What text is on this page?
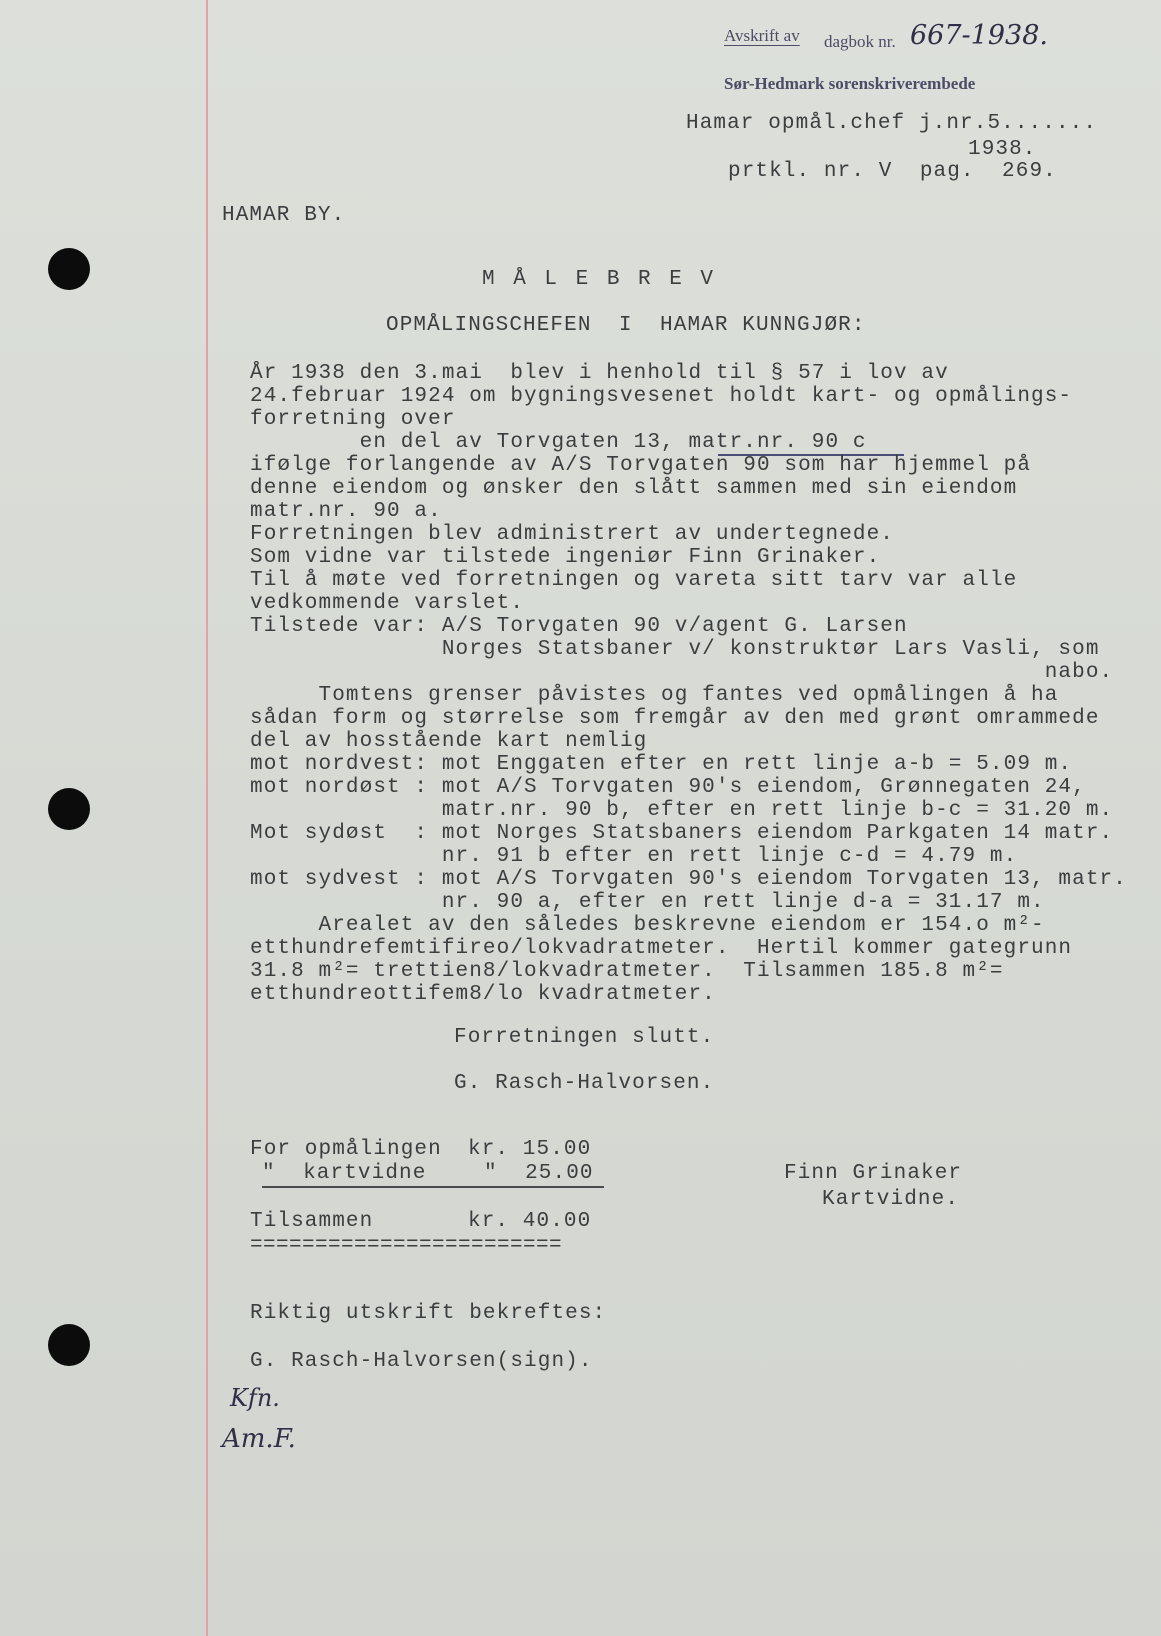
Avskrift av dagbok nr. 667-1938.
Sør-Hedmark sorenskriverembede
Hamar opmål.chef j.nr.5.......
1938.
prtkl. nr. V  pag.  269.
HAMAR BY.
M Å L E B R E V
OPMÅLINGSCHEFEN  I  HAMAR KUNNGJØR:
År 1938 den 3.mai  blev i henhold til § 57 i lov av
24.februar 1924 om bygningsvesenet holdt kart- og opmålings-
forretning over
en del av Torvgaten 13, matr.nr. 90 c
ifølge forlangende av A/S Torvgaten 90 som har hjemmel på
denne eiendom og ønsker den slått sammen med sin eiendom
matr.nr. 90 a.
Forretningen blev administrert av undertegnede.
Som vidne var tilstede ingeniør Finn Grinaker.
Til å møte ved forretningen og vareta sitt tarv var alle
vedkommende varslet.
Tilstede var: A/S Torvgaten 90 v/agent G. Larsen
Norges Statsbaner v/ konstruktør Lars Vasli, som
nabo.
Tomtens grenser påvistes og fantes ved opmålingen å ha
sådan form og størrelse som fremgår av den med grønt omrammede
del av hosstående kart nemlig
mot nordvest: mot Enggaten efter en rett linje a-b = 5.09 m.
mot nordøst : mot A/S Torvgaten 90's eiendom, Grønnegaten 24,
matr.nr. 90 b, efter en rett linje b-c = 31.20 m.
Mot sydøst  : mot Norges Statsbaners eiendom Parkgaten 14 matr.
nr. 91 b efter en rett linje c-d = 4.79 m.
mot sydvest : mot A/S Torvgaten 90's eiendom Torvgaten 13, matr.
nr. 90 a, efter en rett linje d-a = 31.17 m.
Arealet av den således beskrevne eiendom er 154.o m²-
etthundrefemtifireo/lokvadratmeter.  Hertil kommer gategrunn
31.8 m²= trettien8/lokvadratmeter.  Tilsammen 185.8 m²=
etthundreottifem8/lo kvadratmeter.
Forretningen slutt.
G. Rasch-Halvorsen.
For opmålingen kr. 15.00
"  kartvidne	"  25.00
Tilsammen	kr. 40.00
========================
Finn Grinaker
Kartvidne.
Riktig utskrift bekreftes:
G. Rasch-Halvorsen(sign).
Kfn.
Am.F.
